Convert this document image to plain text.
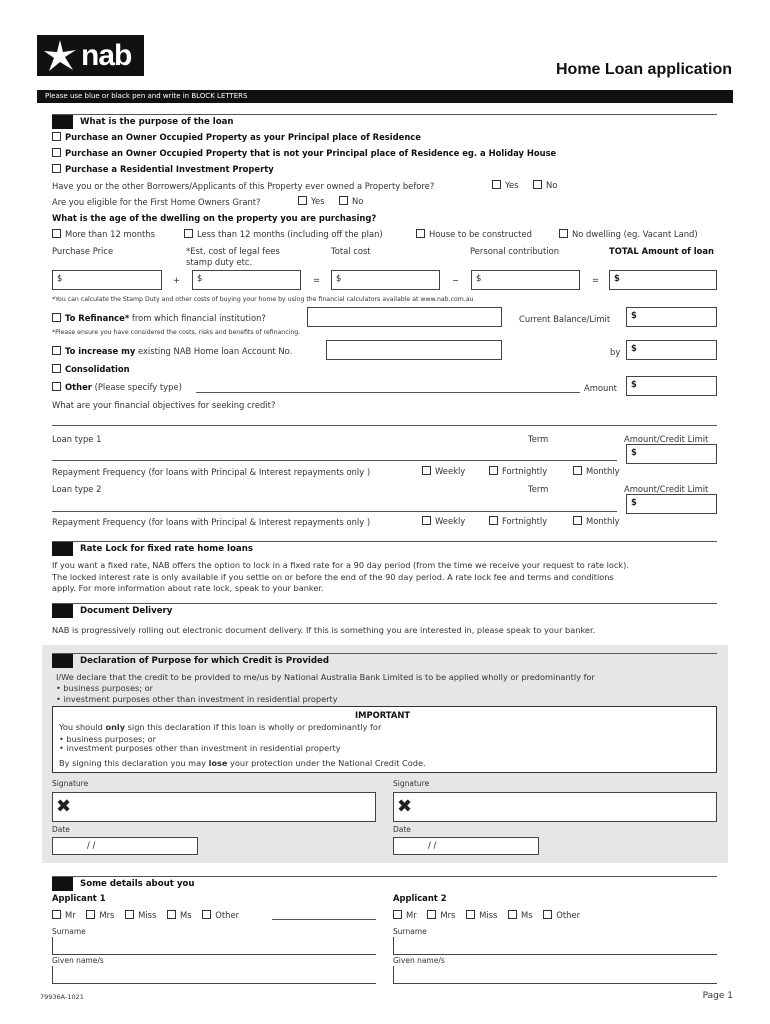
nab	Home Loan application
Please use blue or black pen and write in BLOCK LETTERS
What is the purpose of the loan
Purchase an Owner Occupied Property as your Principal place of Residence
Purchase an Owner Occupied Property that is not your Principal place of Residence eg. a Holiday House
Purchase a Residential Investment Property
Have you or the other Borrowers/Applicants of this Property ever owned a Property before?	Yes	No
Are you eligible for the First Home Owners Grant?	Yes	No
What is the age of the dwelling on the property you are purchasing?
More than 12 months	Less than 12 months (including off the plan)	House to be constructed	No dwelling (eg. Vacant Land)
Purchase Price	*Est. cost of legal fees
stamp duty etc.
Total cost	Personal contribution	TOTAL Amount of loan
$	+	$	=	$	−	$	=	$
*You can calculate the Stamp Duty and other costs of buying your home by using the financial calculators available at www.nab.com.au
To Refinance* from which financial institution?	Current Balance/Limit	$
*Please ensure you have considered the costs, risks and benefits of refinancing.
To increase my existing NAB Home loan Account No.	by	$
Consolidation
Other (Please specify type)	Amount	$
What are your financial objectives for seeking credit?
Loan type 1	Term	Amount/Credit Limit
$
Repayment Frequency (for loans with Principal & Interest repayments only )	Weekly	Fortnightly	Monthly
Loan type 2	Term	Amount/Credit Limit
$
Repayment Frequency (for loans with Principal & Interest repayments only )	Weekly	Fortnightly	Monthly
Rate Lock for fixed rate home loans
If you want a fixed rate, NAB offers the option to lock in a fixed rate for a 90 day period (from the time we receive your request to rate lock).
The locked interest rate is only available if you settle on or before the end of the 90 day period. A rate lock fee and terms and conditions
apply. For more information about rate lock, speak to your banker.
Document Delivery
NAB is progressively rolling out electronic document delivery. If this is something you are interested in, please speak to your banker.
Declaration of Purpose for which Credit is Provided
I/We declare that the credit to be provided to me/us by National Australia Bank Limited is to be applied wholly or predominantly for
• business purposes; or
• investment purposes other than investment in residential property
IMPORTANT
You should only sign this declaration if this loan is wholly or predominantly for
• business purposes; or
• investment purposes other than investment in residential property
By signing this declaration you may lose your protection under the National Credit Code.
Signature	Signature
✖	✖
Date	Date
/ /	/ /
Some details about you
Applicant 1	Applicant 2
Mr	Mrs	Miss	Ms	Other	Mr	Mrs	Miss	Ms	Other
Surname	Surname
Given name/s	Given name/s
79936A-1021	Page 1
